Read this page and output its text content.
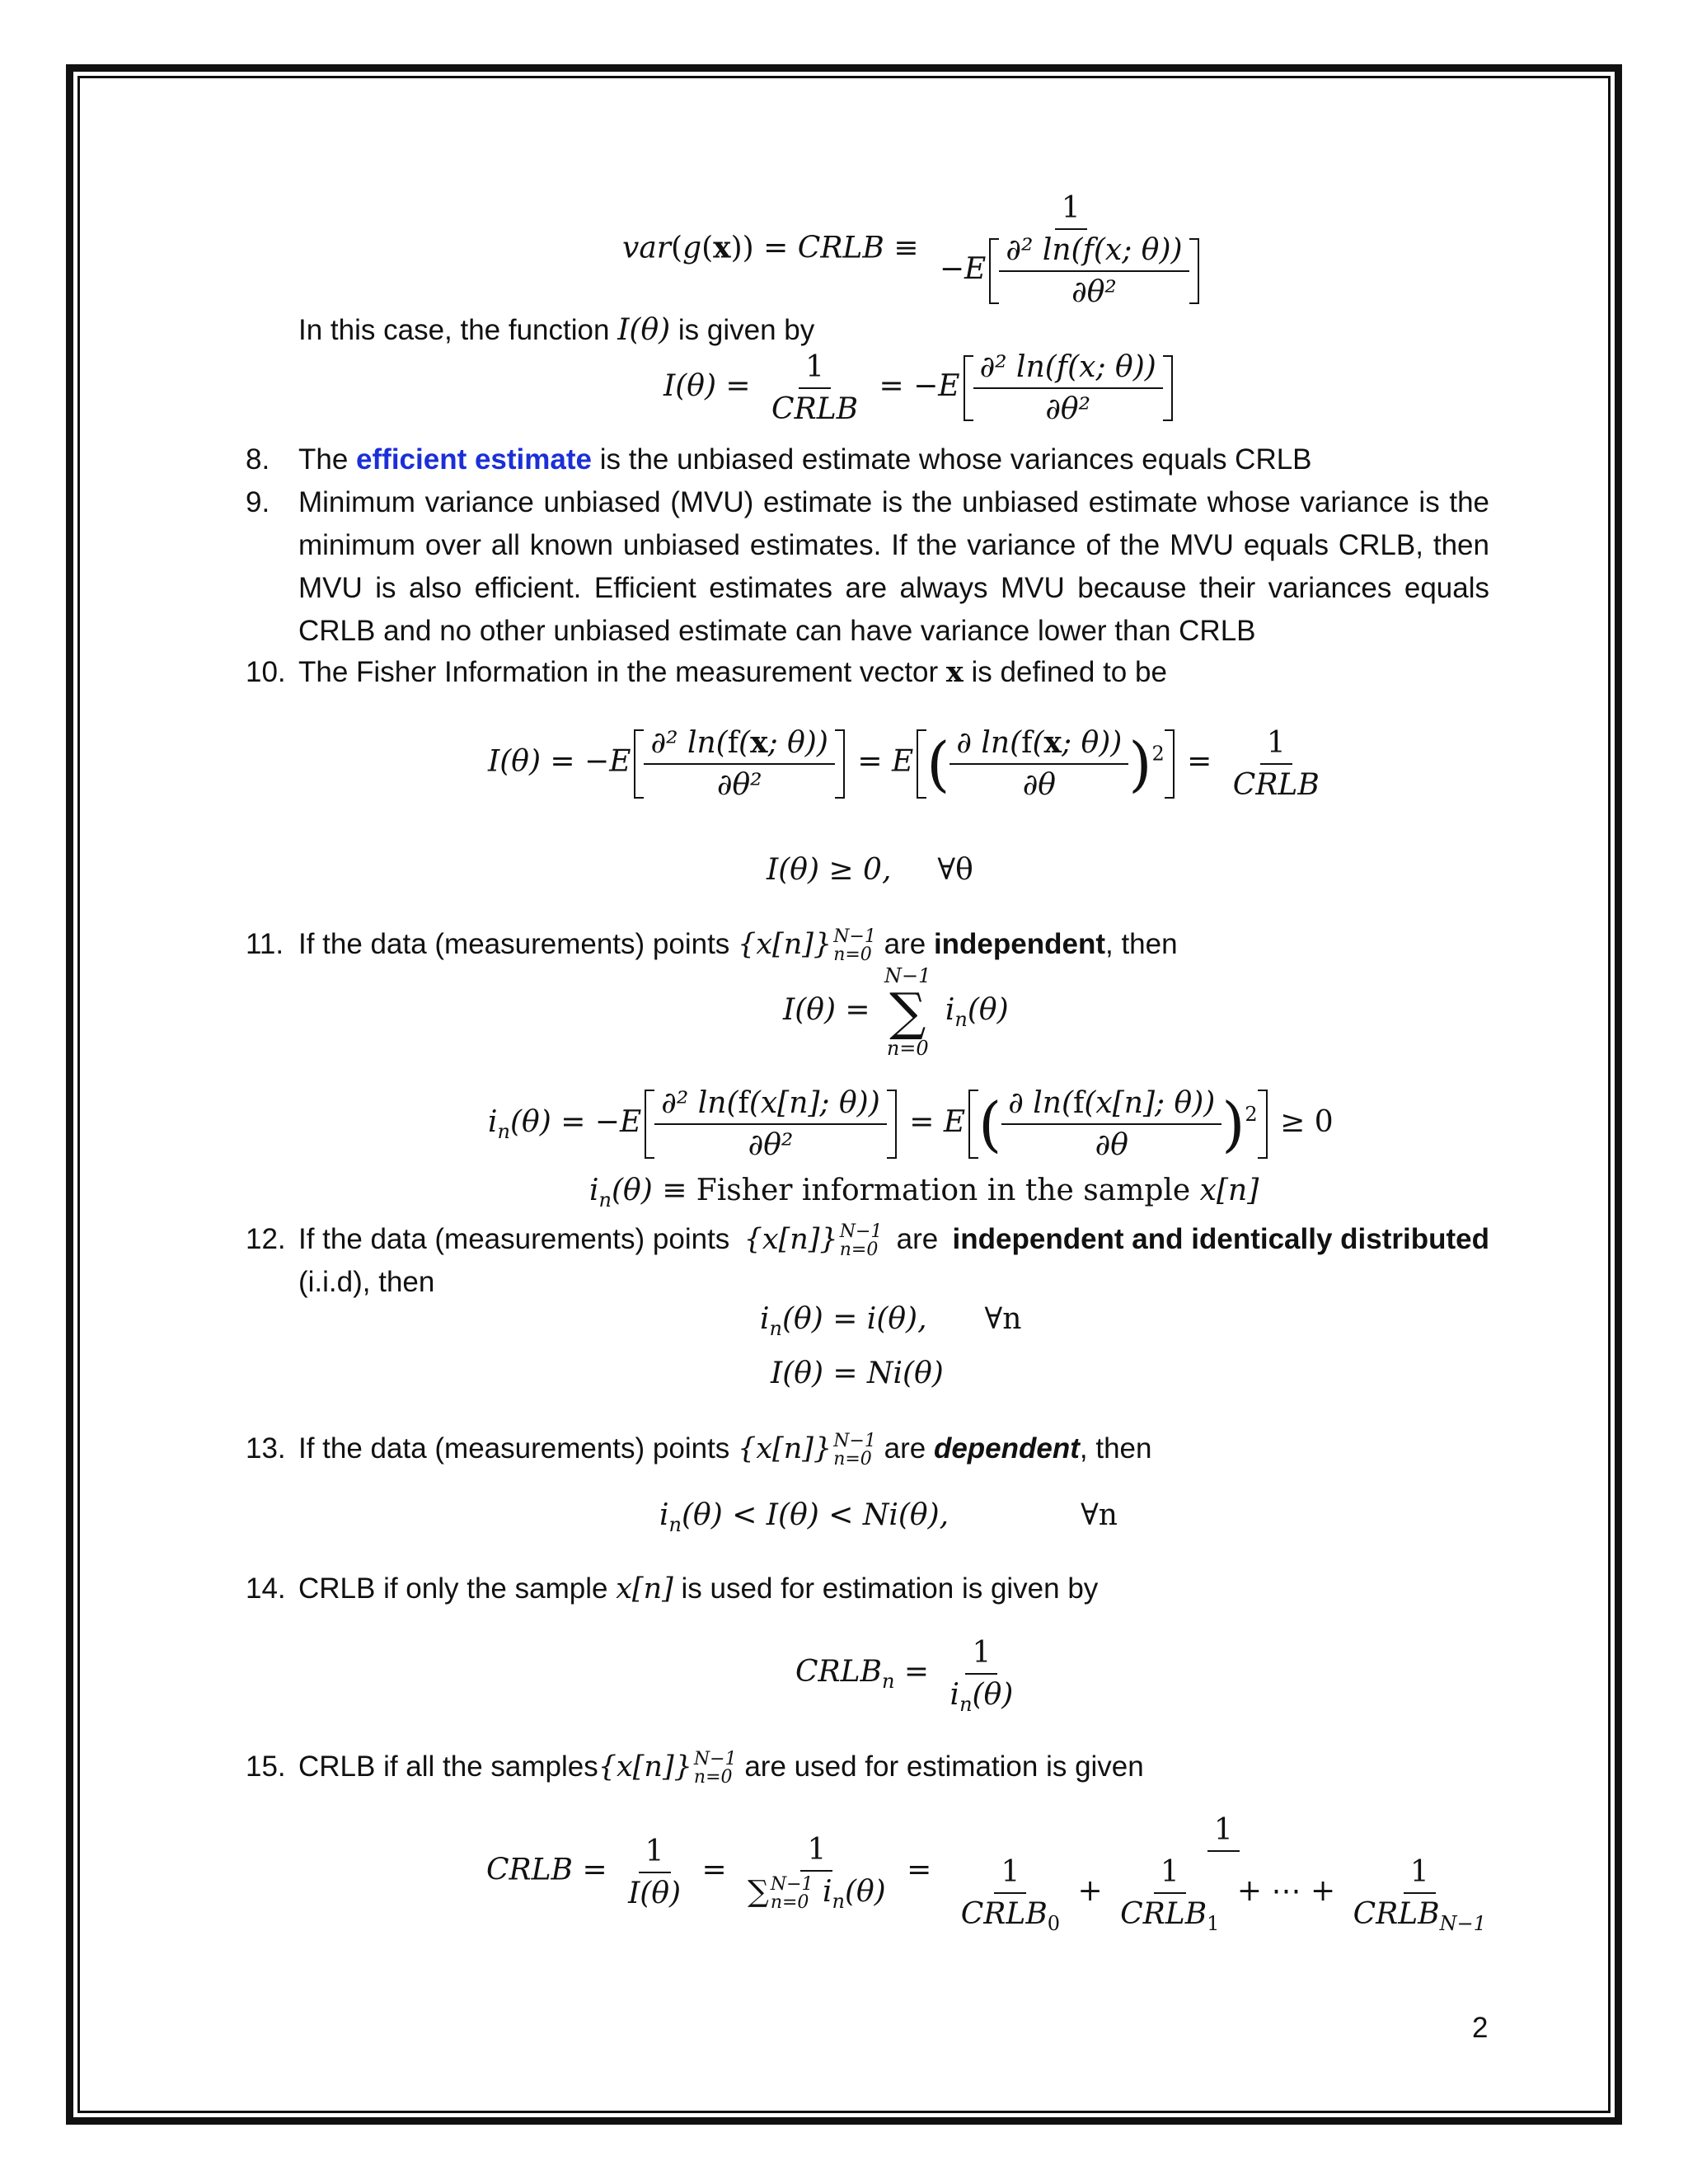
var(g(x)) = CRLB ≡ $\frac{1}{-E \frac{\text{∂² ln(f(x; θ))}}{\text{∂θ²}}}$
In this case, the function I(θ) is given by
$I(\theta) = \frac{1}{\text{CRLB}} = -E \frac{\text{∂² ln(f(x; θ))}}{\text{∂θ²}}$
8. The efficient estimate is the unbiased estimate whose variances equals CRLB
9. Minimum variance unbiased (MVU) estimate is the unbiased estimate whose variance is the minimum over all known unbiased estimates. If the variance of the MVU equals CRLB, then MVU is also efficient. Efficient estimates are always MVU because their variances equals CRLB and no other unbiased estimate can have variance lower than CRLB
10. The Fisher Information in the measurement vector x is defined to be
$I(\theta) = -E \frac{\text{∂² ln(f(x; θ))}}{\text{∂θ²}} = E$ ( $\frac{\partial \ln(f(x; \theta))}{\partial\theta} )^2 = \frac{1}{\text{CRLB}}$
I(θ) ≥ 0, ∀θ
11. If the data (measurements) points {x[n]}N−1
n=0 are independent, then
I(θ) =
N−1
∑
n=0
$i_n(\theta)$
$i_n(\theta) = -E \frac{\text{∂² ln(f(x[n]; θ))}}{\text{∂θ²}} = E$ ( $\frac{\partial \ln(f(x[n]; \theta))}{\partial\theta} )^2 \ge 0$
$i_n(\theta)$ ≡ Fisher information in the sample x[n]
12. If the data (measurements) points {x[n]}N−1
n=0 are independent and identically distributed
(i.i.d), then
$i_n(\theta) = i(\theta)$, ∀n
I(θ) = Ni(θ)
13. If the data (measurements) points {x[n]}N−1
n=0 are dependent, then
$i_n(\theta) < I(\theta) < Ni(\theta)$,	∀n
14. CRLB if only the sample x[n] is used for estimation is given by
$CRLB_n = \frac{1}{i_n(\theta)}$
15. CRLB if all the samples{x[n]}N−1
n=0 are used for estimation is given
CRLB = $\frac{1}{I(\theta)}$ =
1
∑N−1
n=0 $i_n(\theta)$
= $\frac{1}{\frac{1}{CRLB_0} + \frac{1}{CRLB_1} + \cdots + \frac{1}{CRLB_{N-1}}}$
2
